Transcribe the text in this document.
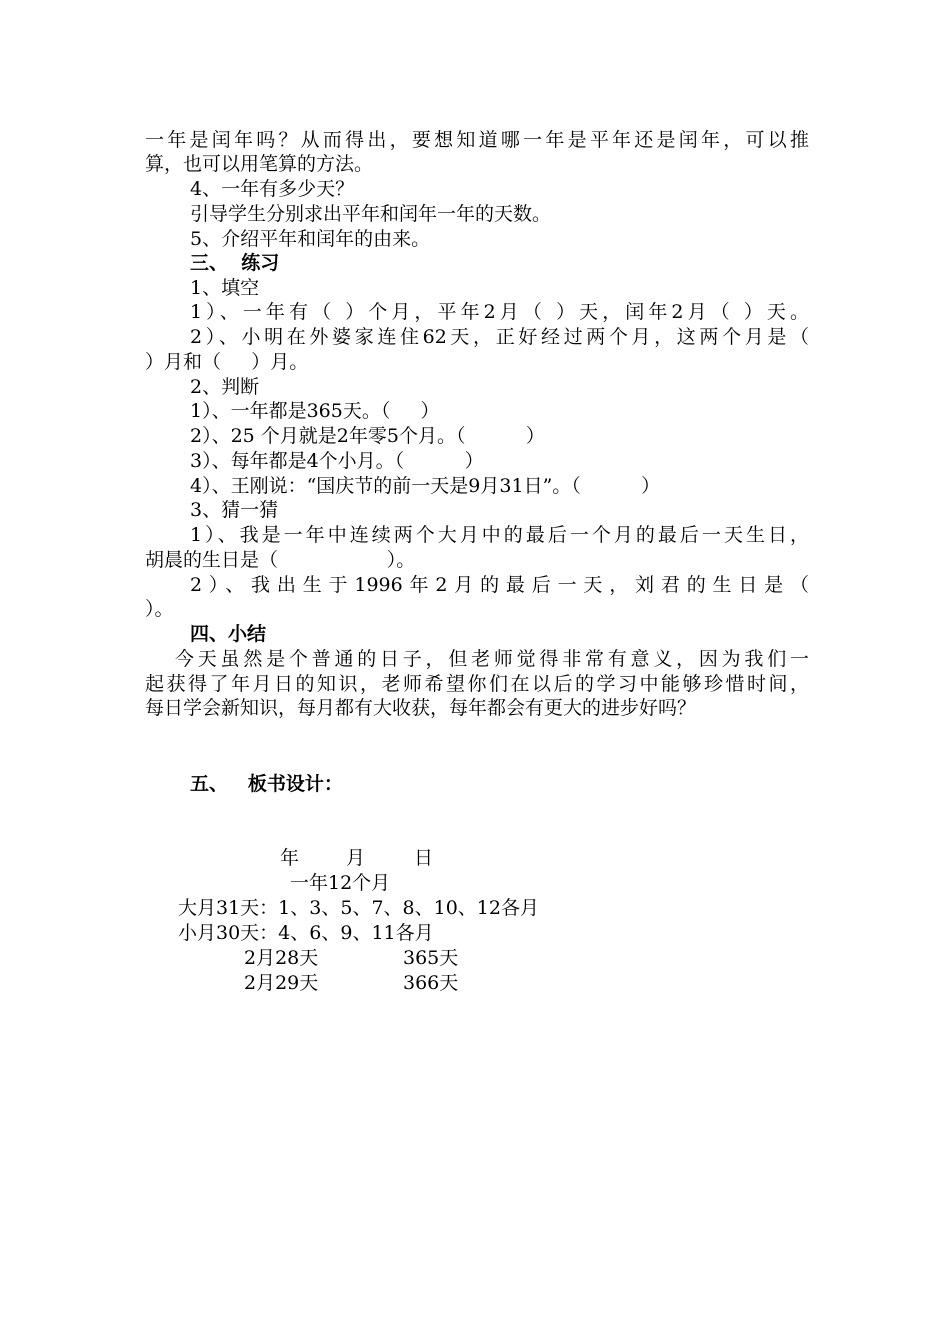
一年是闰年吗？从而得出，要想知道哪一年是平年还是闰年，可以推
算，也可以用笔算的方法。
4、一年有多少天？
引导学生分别求出平年和闰年一年的天数。
5、介绍平年和闰年的由来。
三、  练习
1、填空
1）、一年有（ ）个月，平年2月（ ）天，闰年2月（ ）天。
2）、小明在外婆家连住62天，正好经过两个月，这两个月是（
）月和（     ）月。
2、判断
1）、一年都是365天。（     ）
2）、25 个月就是2年零5个月。（          ）
3）、每年都是4个小月。（          ）
4）、王刚说：“国庆节的前一天是9月31日”。（          ）
3、猜一猜
1）、我是一年中连续两个大月中的最后一个月的最后一天生日，
胡晨的生日是（                  ）。
2）、我出生于1996年2月的最后一天，刘君的生日是（
）。
四、小结
今天虽然是个普通的日子，但老师觉得非常有意义，因为我们一
起获得了年月日的知识，老师希望你们在以后的学习中能够珍惜时间，
每日学会新知识，每月都有大收获，每年都会有更大的进步好吗？
五、   板书设计：
年 月	日
一年12个月
大月31天：1、3、5、7、8、10、12各月
小月30天：4、6、9、11各月
2月28天	365天
2月29天	366天
